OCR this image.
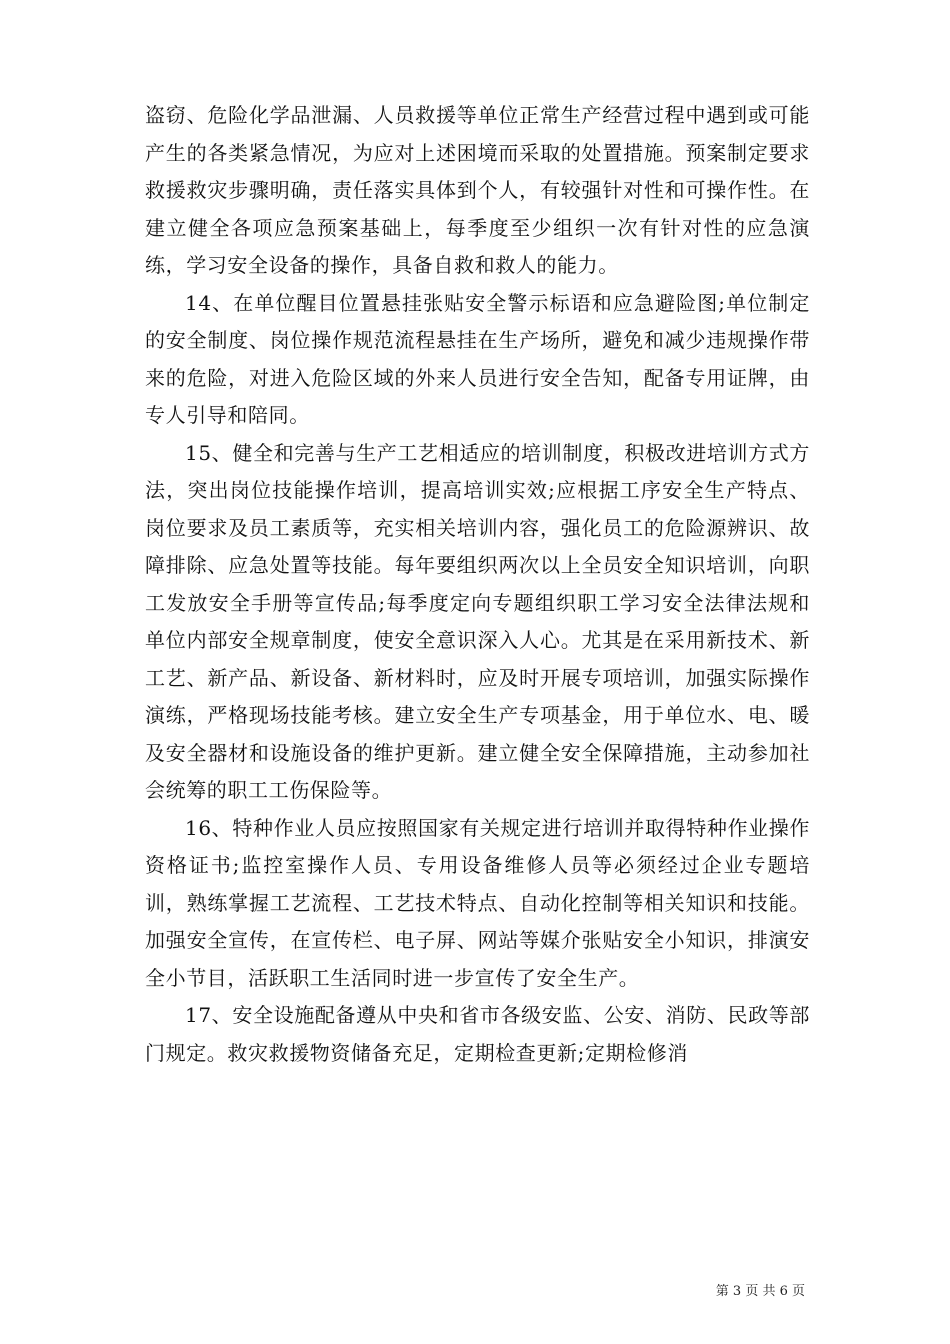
盗窃、危险化学品泄漏、人员救援等单位正常生产经营过程中遇到或可能产生的各类紧急情况，为应对上述困境而采取的处置措施。预案制定要求救援救灾步骤明确，责任落实具体到个人，有较强针对性和可操作性。在建立健全各项应急预案基础上，每季度至少组织一次有针对性的应急演练，学习安全设备的操作，具备自救和救人的能力。

14、在单位醒目位置悬挂张贴安全警示标语和应急避险图;单位制定的安全制度、岗位操作规范流程悬挂在生产场所，避免和减少违规操作带来的危险，对进入危险区域的外来人员进行安全告知，配备专用证牌，由专人引导和陪同。

15、健全和完善与生产工艺相适应的培训制度，积极改进培训方式方法，突出岗位技能操作培训，提高培训实效;应根据工序安全生产特点、岗位要求及员工素质等，充实相关培训内容，强化员工的危险源辨识、故障排除、应急处置等技能。每年要组织两次以上全员安全知识培训，向职工发放安全手册等宣传品;每季度定向专题组织职工学习安全法律法规和单位内部安全规章制度，使安全意识深入人心。尤其是在采用新技术、新工艺、新产品、新设备、新材料时，应及时开展专项培训，加强实际操作演练，严格现场技能考核。建立安全生产专项基金，用于单位水、电、暖及安全器材和设施设备的维护更新。建立健全安全保障措施，主动参加社会统筹的职工工伤保险等。

16、特种作业人员应按照国家有关规定进行培训并取得特种作业操作资格证书;监控室操作人员、专用设备维修人员等必须经过企业专题培训，熟练掌握工艺流程、工艺技术特点、自动化控制等相关知识和技能。加强安全宣传，在宣传栏、电子屏、网站等媒介张贴安全小知识，排演安全小节目，活跃职工生活同时进一步宣传了安全生产。

17、安全设施配备遵从中央和省市各级安监、公安、消防、民政等部门规定。救灾救援物资储备充足，定期检查更新;定期检修消

第 3 页 共 6 页
